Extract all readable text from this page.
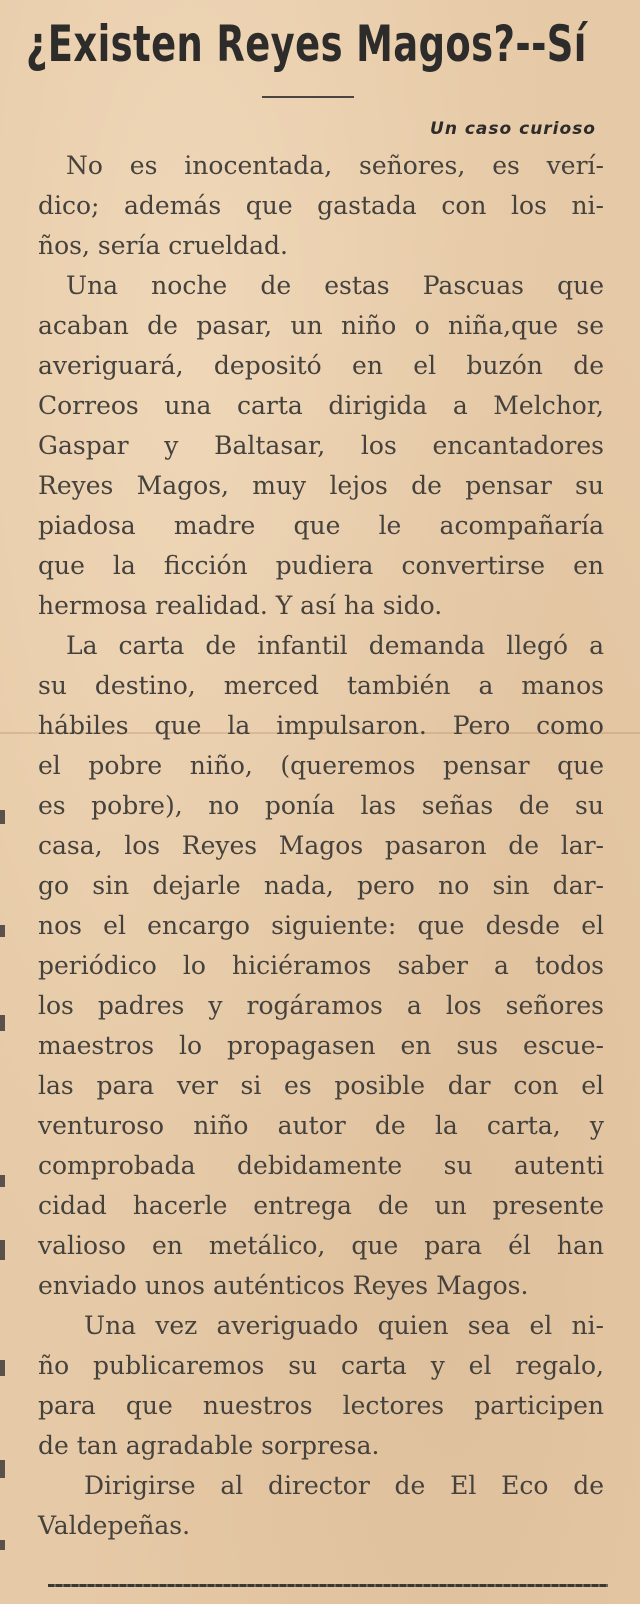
¿Existen Reyes Magos?--Sí
Un caso curioso
No es inocentada, señores, es verí-
dico; además que gastada con los ni-
ños, sería crueldad.
Una noche de estas Pascuas que
acaban de pasar, un niño o niña,que se
averiguará, depositó en el buzón de
Correos una carta dirigida a Melchor,
Gaspar y Baltasar, los encantadores
Reyes Magos, muy lejos de pensar su
piadosa madre que le acompañaría
que la ficción pudiera convertirse en
hermosa realidad. Y así ha sido.
La carta de infantil demanda llegó a
su destino, merced también a manos
hábiles que la impulsaron. Pero como
el pobre niño, (queremos pensar que
es pobre), no ponía las señas de su
casa, los Reyes Magos pasaron de lar-
go sin dejarle nada, pero no sin dar-
nos el encargo siguiente: que desde el
periódico lo hiciéramos saber a todos
los padres y rogáramos a los señores
maestros lo propagasen en sus escue-
las para ver si es posible dar con el
venturoso niño autor de la carta, y
comprobada debidamente su autenti
cidad hacerle entrega de un presente
valioso en metálico, que para él han
enviado unos auténticos Reyes Magos.
Una vez averiguado quien sea el ni-
ño publicaremos su carta y el regalo,
para que nuestros lectores participen
de tan agradable sorpresa.
Dirigirse al director de El Eco de
Valdepeñas.
